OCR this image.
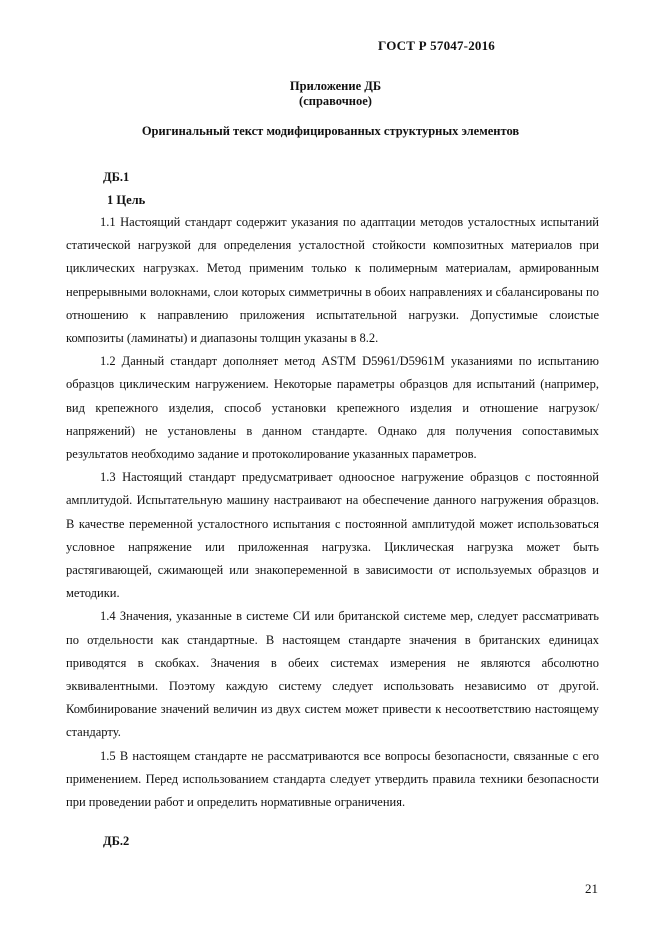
ГОСТ Р 57047-2016
Приложение ДБ
(справочное)
Оригинальный текст модифицированных структурных элементов
ДБ.1
1 Цель

1.1 Настоящий стандарт содержит указания по адаптации методов усталостных испытаний статической нагрузкой для определения усталостной стойкости композитных материалов при циклических нагрузках. Метод применим только к полимерным материалам, армированным непрерывными волокнами, слои которых симметричны в обоих направлениях и сбалансированы по отношению к направлению приложения испытательной нагрузки. Допустимые слоистые композиты (ламинаты) и диапазоны толщин указаны в 8.2.

1.2 Данный стандарт дополняет метод ASTM D5961/D5961M указаниями по испытанию образцов циклическим нагружением. Некоторые параметры образцов для испытаний (например, вид крепежного изделия, способ установки крепежного изделия и отношение нагрузок/напряжений) не установлены в данном стандарте. Однако для получения сопоставимых результатов необходимо задание и протоколирование указанных параметров.

1.3 Настоящий стандарт предусматривает одноосное нагружение образцов с постоянной амплитудой. Испытательную машину настраивают на обеспечение данного нагружения образцов. В качестве переменной усталостного испытания с постоянной амплитудой может использоваться условное напряжение или приложенная нагрузка. Циклическая нагрузка может быть растягивающей, сжимающей или знакопеременной в зависимости от используемых образцов и методики.

1.4 Значения, указанные в системе СИ или британской системе мер, следует рассматривать по отдельности как стандартные. В настоящем стандарте значения в британских единицах приводятся в скобках. Значения в обеих системах измерения не являются абсолютно эквивалентными. Поэтому каждую систему следует использовать независимо от другой. Комбинирование значений величин из двух систем может привести к несоответствию настоящему стандарту.

1.5 В настоящем стандарте не рассматриваются все вопросы безопасности, связанные с его применением. Перед использованием стандарта следует утвердить правила техники безопасности при проведении работ и определить нормативные ограничения.

ДБ.2
21
